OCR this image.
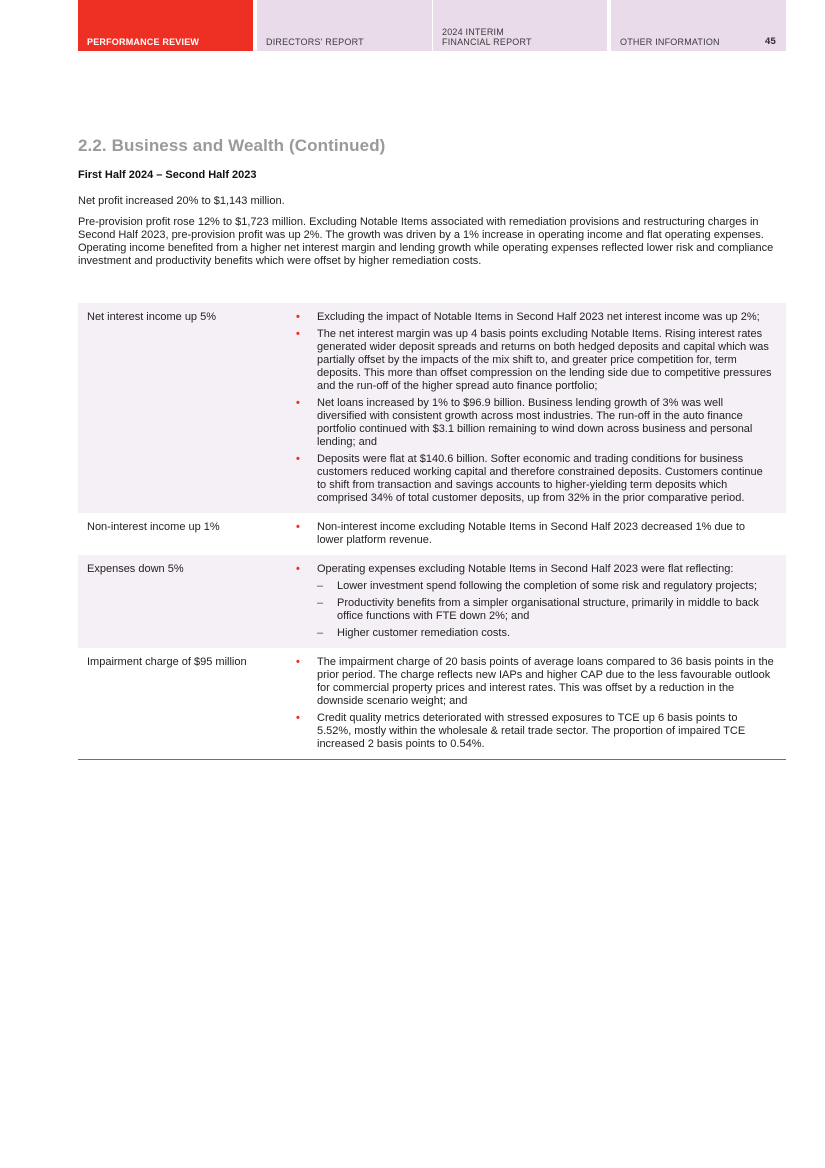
PERFORMANCE REVIEW	DIRECTORS' REPORT
2024 INTERIM
FINANCIAL REPORT	OTHER INFORMATION	45
2.2. Business and Wealth (Continued)
First Half 2024 – Second Half 2023

Net profit increased 20% to $1,143 million.

Pre-provision profit rose 12% to $1,723 million. Excluding Notable Items associated with remediation provisions and restructuring charges in Second Half 2023, pre-provision profit was up 2%. The growth was driven by a 1% increase in operating income and flat operating expenses. Operating income benefited from a higher net interest margin and lending growth while operating expenses reflected lower risk and compliance investment and productivity benefits which were offset by higher remediation costs.

Net interest income up 5%	• Excluding the impact of Notable Items in Second Half 2023 net interest income was up 2%;
• The net interest margin was up 4 basis points excluding Notable Items. Rising interest rates generated wider deposit spreads and returns on both hedged deposits and capital which was partially offset by the impacts of the mix shift to, and greater price competition for, term deposits. This more than offset compression on the lending side due to competitive pressures and the run-off of the higher spread auto finance portfolio;
• Net loans increased by 1% to $96.9 billion. Business lending growth of 3% was well diversified with consistent growth across most industries. The run-off in the auto finance portfolio continued with $3.1 billion remaining to wind down across business and personal lending; and
• Deposits were flat at $140.6 billion. Softer economic and trading conditions for business customers reduced working capital and therefore constrained deposits. Customers continue to shift from transaction and savings accounts to higher-yielding term deposits which comprised 34% of total customer deposits, up from 32% in the prior comparative period.
Non-interest income up 1%	• Non-interest income excluding Notable Items in Second Half 2023 decreased 1% due to lower platform revenue.
Expenses down 5%	• Operating expenses excluding Notable Items in Second Half 2023 were flat reflecting:
– Lower investment spend following the completion of some risk and regulatory projects;
– Productivity benefits from a simpler organisational structure, primarily in middle to back office functions with FTE down 2%; and
– Higher customer remediation costs.
Impairment charge of $95 million	• The impairment charge of 20 basis points of average loans compared to 36 basis points in the prior period. The charge reflects new IAPs and higher CAP due to the less favourable outlook for commercial property prices and interest rates. This was offset by a reduction in the downside scenario weight; and
• Credit quality metrics deteriorated with stressed exposures to TCE up 6 basis points to 5.52%, mostly within the wholesale & retail trade sector. The proportion of impaired TCE increased 2 basis points to 0.54%.
